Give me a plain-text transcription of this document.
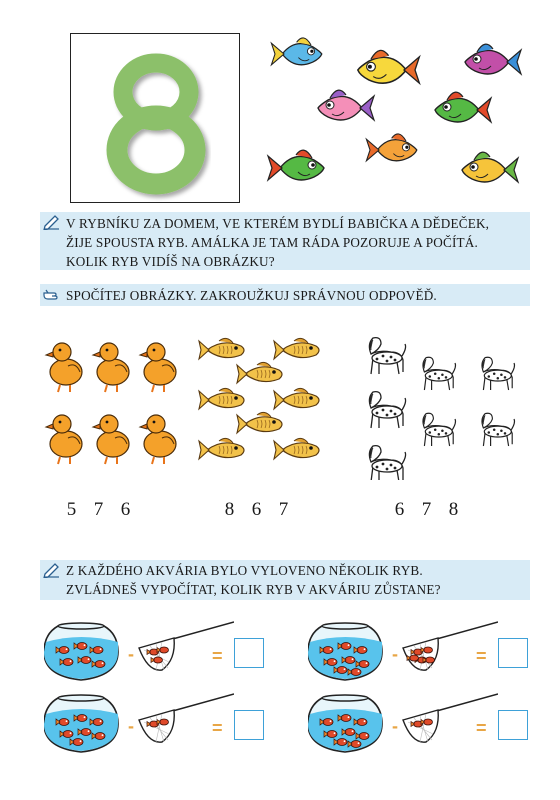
V RYBNÍKU ZA DOMEM, VE KTERÉM BYDLÍ BABIČKA A DĚDEČEK,
ŽIJE SPOUSTA RYB. AMÁLKA JE TAM RÁDA POZORUJE A POČÍTÁ.
KOLIK RYB VIDÍŠ NA OBRÁZKU?
SPOČÍTEJ OBRÁZKY. ZAKROUŽKUJ SPRÁVNOU ODPOVĚĎ.
5 7 6	8 6 7	6 7 8
Z KAŽDÉHO AKVÁRIA BYLO VYLOVENO NĚKOLIK RYB.
ZVLÁDNEŠ VYPOČÍTAT, KOLIK RYB V AKVÁRIU ZŮSTANE?
-	=	-	=
-	=	-	=
